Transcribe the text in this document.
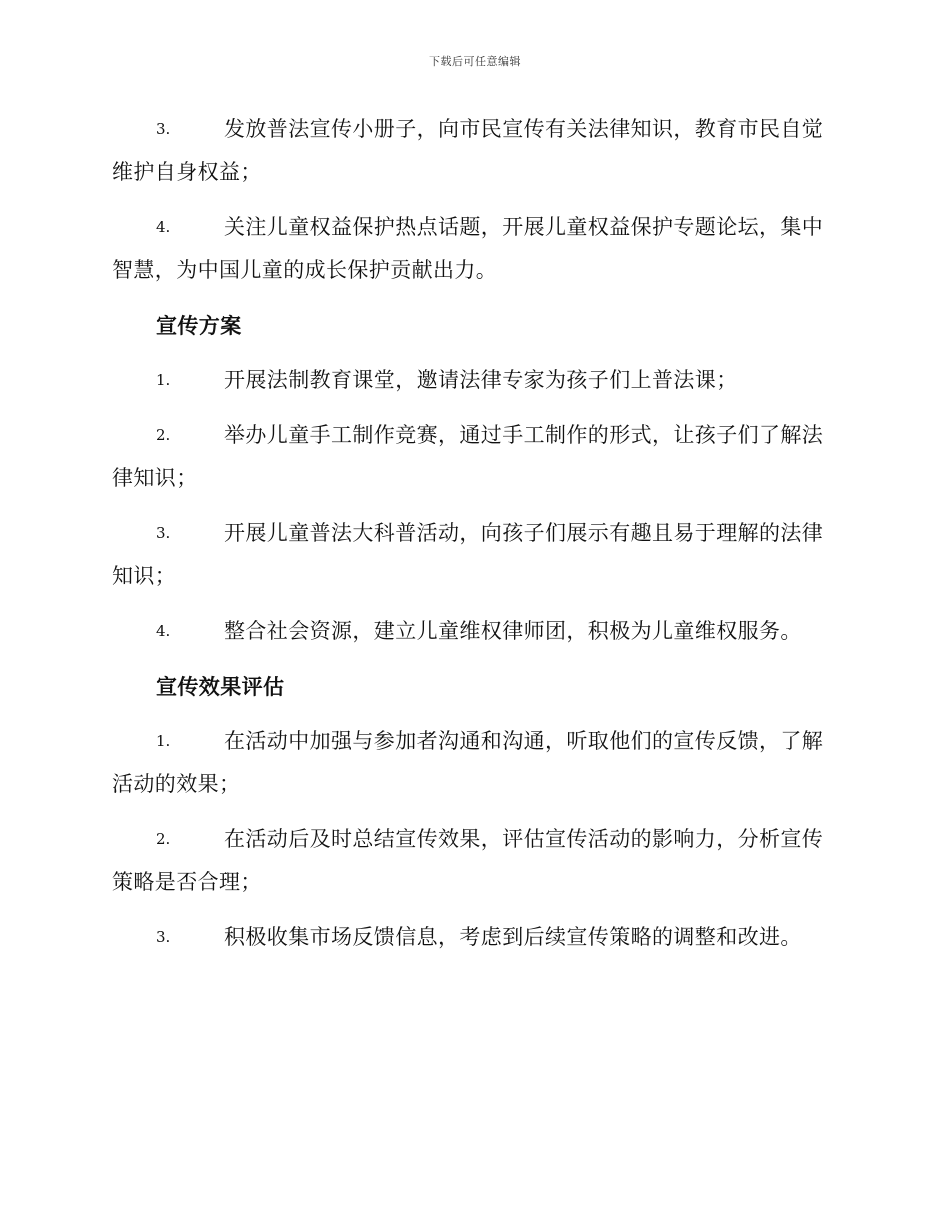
下载后可任意编辑

3.	发放普法宣传小册子，向市民宣传有关法律知识，教育市民自觉维护自身权益；

4.	关注儿童权益保护热点话题，开展儿童权益保护专题论坛，集中智慧，为中国儿童的成长保护贡献出力。

宣传方案

1.	开展法制教育课堂，邀请法律专家为孩子们上普法课；

2.	举办儿童手工制作竞赛，通过手工制作的形式，让孩子们了解法律知识；

3.	开展儿童普法大科普活动，向孩子们展示有趣且易于理解的法律知识；

4.	整合社会资源，建立儿童维权律师团，积极为儿童维权服务。

宣传效果评估

1.	在活动中加强与参加者沟通和沟通，听取他们的宣传反馈，了解活动的效果；

2.	在活动后及时总结宣传效果，评估宣传活动的影响力，分析宣传策略是否合理；

3.	积极收集市场反馈信息，考虑到后续宣传策略的调整和改进。
